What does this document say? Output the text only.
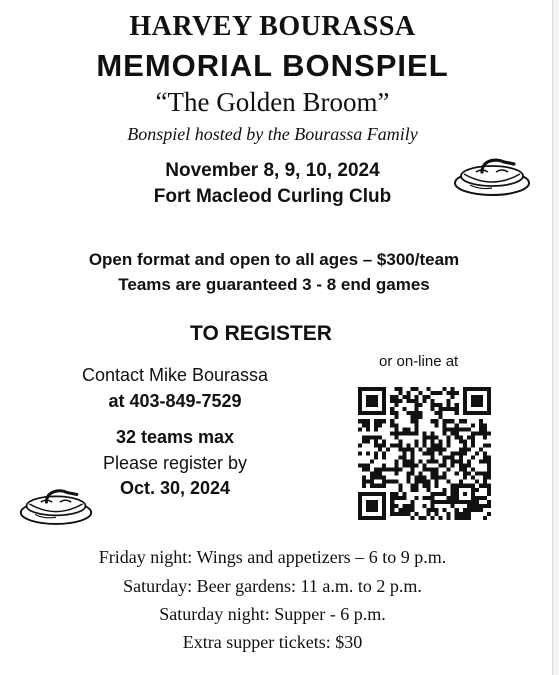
HARVEY BOURASSA
MEMORIAL BONSPIEL
“The Golden Broom”
Bonspiel hosted by the Bourassa Family
November 8, 9, 10, 2024
Fort Macleod Curling Club
Open format and open to all ages – $300/team
Teams are guaranteed 3 - 8 end games
TO REGISTER
or on-line at
Contact Mike Bourassa
at 403-849-7529
32 teams max
Please register by
Oct. 30, 2024
Friday night: Wings and appetizers – 6 to 9 p.m.
Saturday: Beer gardens: 11 a.m. to 2 p.m.
Saturday night: Supper - 6 p.m.
Extra supper tickets: $30
